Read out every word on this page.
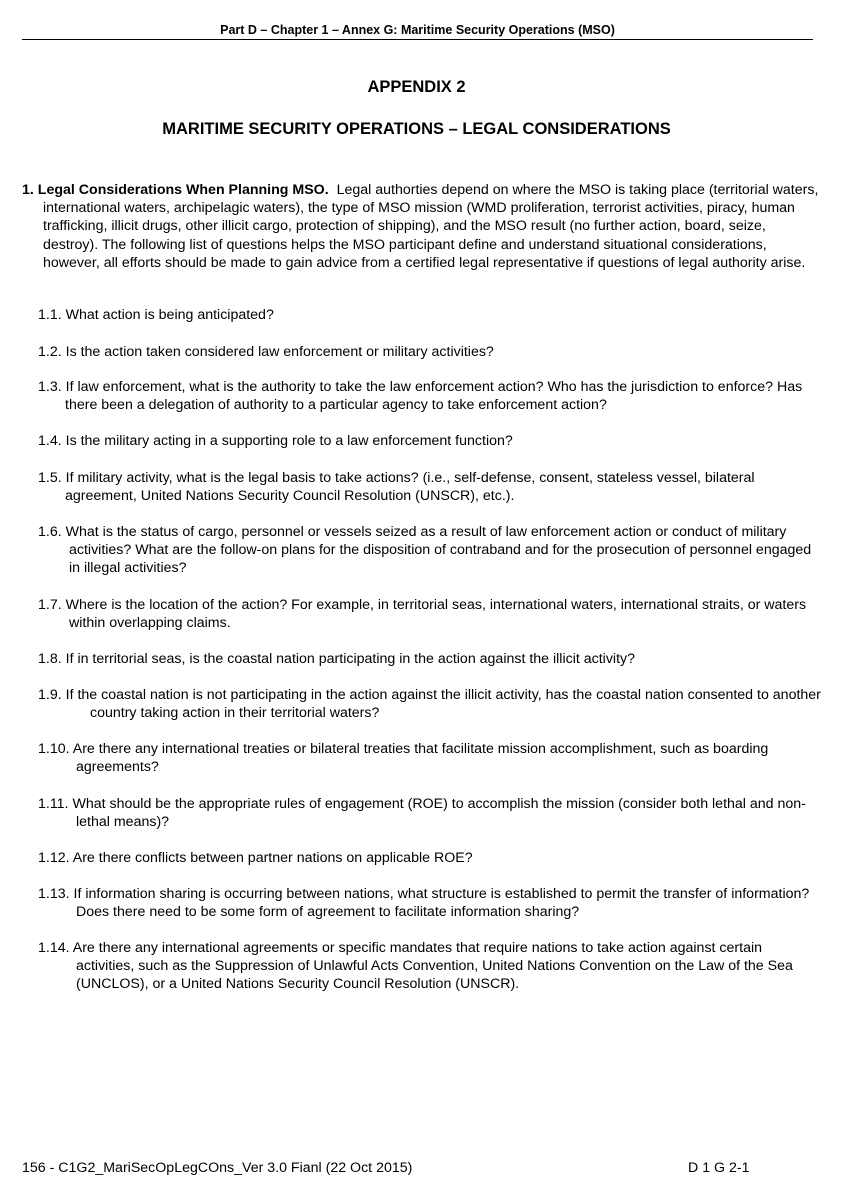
Part D – Chapter 1 – Annex G: Maritime Security Operations (MSO)
APPENDIX 2
MARITIME SECURITY OPERATIONS – LEGAL CONSIDERATIONS
1. Legal Considerations When Planning MSO. Legal authorties depend on where the MSO is taking place (territorial waters, international waters, archipelagic waters), the type of MSO mission (WMD proliferation, terrorist activities, piracy, human trafficking, illicit drugs, other illicit cargo, protection of shipping), and the MSO result (no further action, board, seize, destroy). The following list of questions helps the MSO participant define and understand situational considerations, however, all efforts should be made to gain advice from a certified legal representative if questions of legal authority arise.
1.1. What action is being anticipated?
1.2. Is the action taken considered law enforcement or military activities?
1.3. If law enforcement, what is the authority to take the law enforcement action? Who has the jurisdiction to enforce? Has there been a delegation of authority to a particular agency to take enforcement action?
1.4. Is the military acting in a supporting role to a law enforcement function?
1.5. If military activity, what is the legal basis to take actions? (i.e., self-defense, consent, stateless vessel, bilateral agreement, United Nations Security Council Resolution (UNSCR), etc.).
1.6. What is the status of cargo, personnel or vessels seized as a result of law enforcement action or conduct of military activities? What are the follow-on plans for the disposition of contraband and for the prosecution of personnel engaged in illegal activities?
1.7. Where is the location of the action? For example, in territorial seas, international waters, international straits, or waters within overlapping claims.
1.8. If in territorial seas, is the coastal nation participating in the action against the illicit activity?
1.9. If the coastal nation is not participating in the action against the illicit activity, has the coastal nation consented to another country taking action in their territorial waters?
1.10. Are there any international treaties or bilateral treaties that facilitate mission accomplishment, such as boarding agreements?
1.11. What should be the appropriate rules of engagement (ROE) to accomplish the mission (consider both lethal and non-lethal means)?
1.12. Are there conflicts between partner nations on applicable ROE?
1.13. If information sharing is occurring between nations, what structure is established to permit the transfer of information? Does there need to be some form of agreement to facilitate information sharing?
1.14. Are there any international agreements or specific mandates that require nations to take action against certain activities, such as the Suppression of Unlawful Acts Convention, United Nations Convention on the Law of the Sea (UNCLOS), or a United Nations Security Council Resolution (UNSCR).
156 - C1G2_MariSecOpLegCOns_Ver 3.0 Fianl (22 Oct 2015)	D 1 G 2-1
